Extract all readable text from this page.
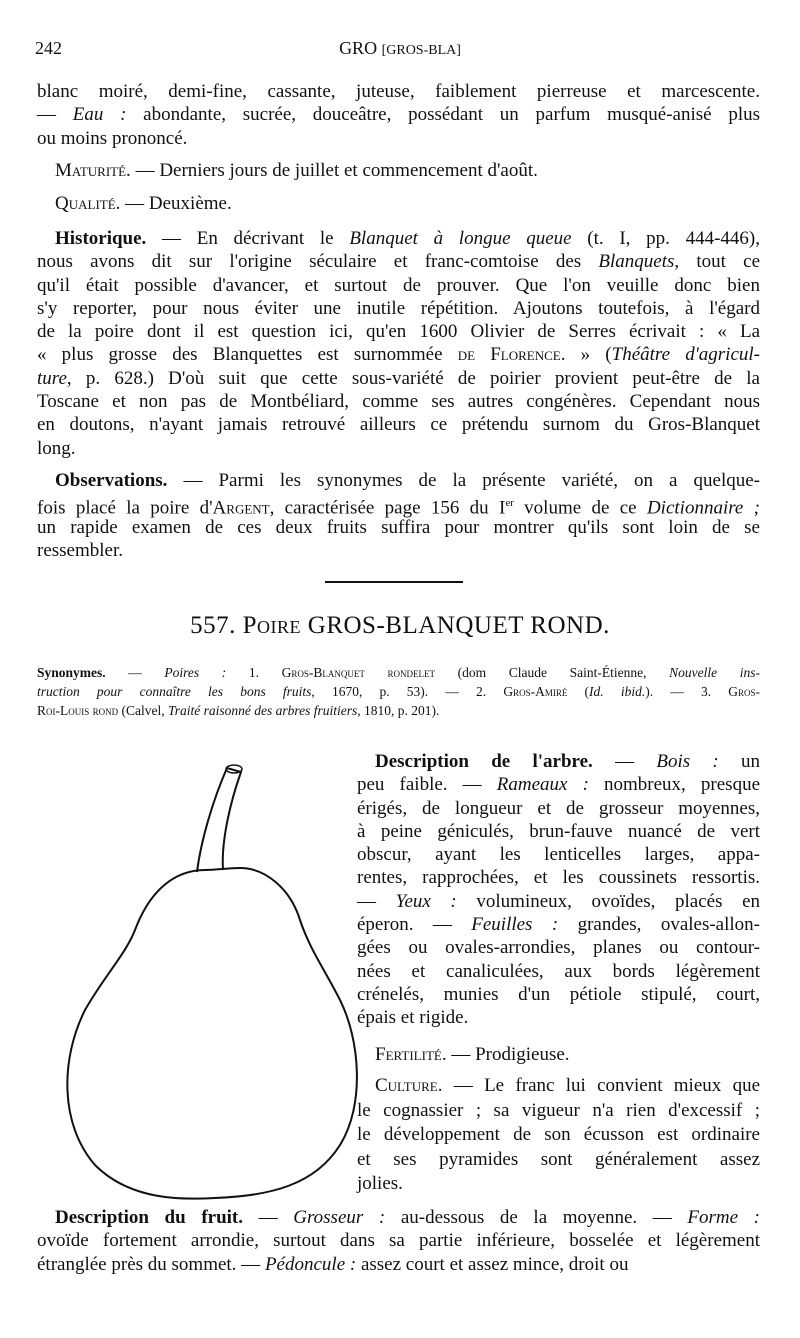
242	GRO [GROS-BLA]
blanc moiré, demi-fine, cassante, juteuse, faiblement pierreuse et marcescente.
— Eau : abondante, sucrée, douceâtre, possédant un parfum musqué-anisé plus
ou moins prononcé.
Maturité. — Derniers jours de juillet et commencement d'août.
Qualité. — Deuxième.
Historique. — En décrivant le Blanquet à longue queue (t. I, pp. 444-446),
nous avons dit sur l'origine séculaire et franc-comtoise des Blanquets, tout ce
qu'il était possible d'avancer, et surtout de prouver. Que l'on veuille donc bien
s'y reporter, pour nous éviter une inutile répétition. Ajoutons toutefois, à l'égard
de la poire dont il est question ici, qu'en 1600 Olivier de Serres écrivait : « La
« plus grosse des Blanquettes est surnommée de Florence. » (Théâtre d'agricul-
ture, p. 628.) D'où suit que cette sous-variété de poirier provient peut-être de la
Toscane et non pas de Montbéliard, comme ses autres congénères. Cependant nous
en doutons, n'ayant jamais retrouvé ailleurs ce prétendu surnom du Gros-Blanquet
long.
Observations. — Parmi les synonymes de la présente variété, on a quelque-
fois placé la poire d'Argent, caractérisée page 156 du Ier volume de ce Dictionnaire ;
un rapide examen de ces deux fruits suffira pour montrer qu'ils sont loin de se
ressembler.
557. Poire GROS-BLANQUET ROND.
Synonymes. — Poires : 1. Gros-Blanquet rondelet (dom Claude Saint-Étienne, Nouvelle ins-
truction pour connaître les bons fruits, 1670, p. 53). — 2. Gros-Amiré (Id. ibid.). — 3. Gros-
Roi-Louis rond (Calvel, Traité raisonné des arbres fruitiers, 1810, p. 201).
Description de l'arbre. — Bois : un
peu faible. — Rameaux : nombreux, presque
érigés, de longueur et de grosseur moyennes,
à peine géniculés, brun-fauve nuancé de vert
obscur, ayant les lenticelles larges, appa-
rentes, rapprochées, et les coussinets ressortis.
— Yeux : volumineux, ovoïdes, placés en
éperon. — Feuilles : grandes, ovales-allon-
gées ou ovales-arrondies, planes ou contour-
nées et canaliculées, aux bords légèrement
crénelés, munies d'un pétiole stipulé, court,
épais et rigide.
Fertilité. — Prodigieuse.
Culture. — Le franc lui convient mieux que
le cognassier ; sa vigueur n'a rien d'excessif ;
le développement de son écusson est ordinaire
et ses pyramides sont généralement assez
jolies.
Description du fruit. — Grosseur : au-dessous de la moyenne. — Forme :
ovoïde fortement arrondie, surtout dans sa partie inférieure, bosselée et légèrement
étranglée près du sommet. — Pédoncule : assez court et assez mince, droit ou
